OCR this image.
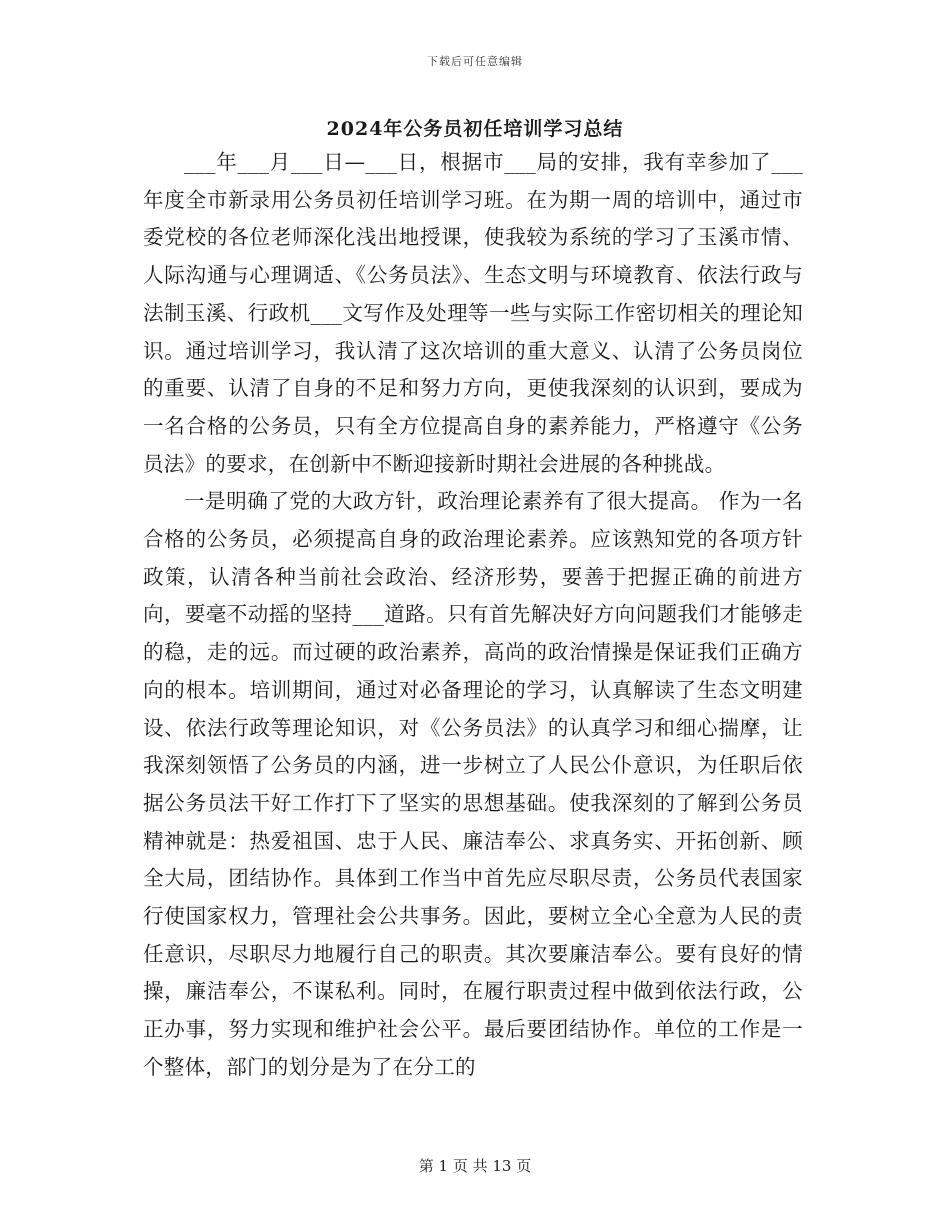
下载后可任意编辑
2024年公务员初任培训学习总结

___年___月___日—___日，根据市___局的安排，我有幸参加了___年度全市新录用公务员初任培训学习班。在为期一周的培训中，通过市委党校的各位老师深化浅出地授课，使我较为系统的学习了玉溪市情、人际沟通与心理调适、《公务员法》、生态文明与环境教育、依法行政与法制玉溪、行政机___文写作及处理等一些与实际工作密切相关的理论知识。通过培训学习，我认清了这次培训的重大意义、认清了公务员岗位的重要、认清了自身的不足和努力方向，更使我深刻的认识到，要成为一名合格的公务员，只有全方位提高自身的素养能力，严格遵守《公务员法》的要求，在创新中不断迎接新时期社会进展的各种挑战。

一是明确了党的大政方针，政治理论素养有了很大提高。 作为一名合格的公务员，必须提高自身的政治理论素养。应该熟知党的各项方针政策，认清各种当前社会政治、经济形势，要善于把握正确的前进方向，要毫不动摇的坚持___道路。只有首先解决好方向问题我们才能够走的稳，走的远。而过硬的政治素养，高尚的政治情操是保证我们正确方向的根本。培训期间，通过对必备理论的学习，认真解读了生态文明建设、依法行政等理论知识，对《公务员法》的认真学习和细心揣摩，让我深刻领悟了公务员的内涵，进一步树立了人民公仆意识，为任职后依据公务员法干好工作打下了坚实的思想基础。使我深刻的了解到公务员精神就是：热爱祖国、忠于人民、廉洁奉公、求真务实、开拓创新、顾全大局，团结协作。具体到工作当中首先应尽职尽责，公务员代表国家行使国家权力，管理社会公共事务。因此，要树立全心全意为人民的责任意识，尽职尽力地履行自己的职责。其次要廉洁奉公。要有良好的情操，廉洁奉公，不谋私利。同时，在履行职责过程中做到依法行政，公正办事，努力实现和维护社会公平。最后要团结协作。单位的工作是一个整体，部门的划分是为了在分工的

第 1 页 共 13 页
